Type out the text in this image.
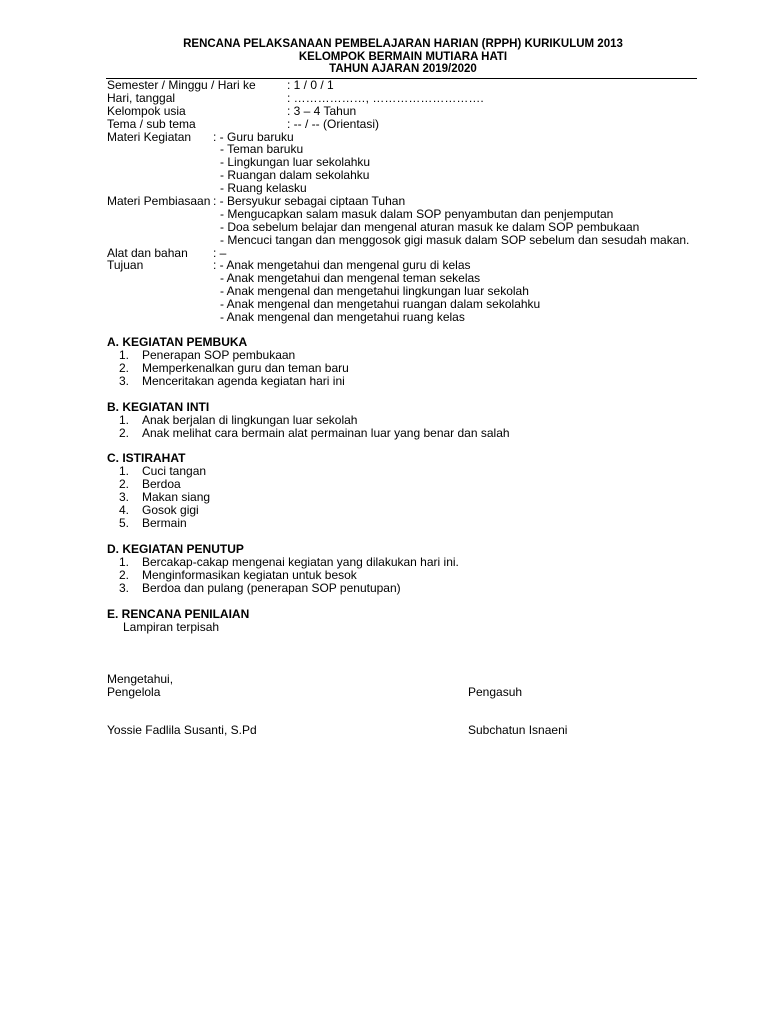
RENCANA PELAKSANAAN PEMBELAJARAN HARIAN (RPPH) KURIKULUM 2013
KELOMPOK BERMAIN MUTIARA HATI
TAHUN AJARAN 2019/2020
Semester / Minggu / Hari ke	: 1 / 0 / 1
Hari, tanggal	: ………………, ……………………….
Kelompok usia	: 3 – 4 Tahun
Tema / sub tema	: -- / -- (Orientasi)
Materi Kegiatan : - Guru baruku
- Teman baruku
- Lingkungan luar sekolahku
- Ruangan dalam sekolahku
- Ruang kelasku
Materi Pembiasaan : - Bersyukur sebagai ciptaan Tuhan
- Mengucapkan salam masuk dalam SOP penyambutan dan penjemputan
- Doa sebelum belajar dan mengenal aturan masuk ke dalam SOP pembukaan
- Mencuci tangan dan menggosok gigi masuk dalam SOP sebelum dan sesudah makan.
Alat dan bahan : –
Tujuan	: - Anak mengetahui dan mengenal guru di kelas
- Anak mengetahui dan mengenal teman sekelas
- Anak mengenal dan mengetahui lingkungan luar sekolah
- Anak mengenal dan mengetahui ruangan dalam sekolahku
- Anak mengenal dan mengetahui ruang kelas
A. KEGIATAN PEMBUKA
1. Penerapan SOP pembukaan
2. Memperkenalkan guru dan teman baru
3. Menceritakan agenda kegiatan hari ini
B. KEGIATAN INTI
1. Anak berjalan di lingkungan luar sekolah
2. Anak melihat cara bermain alat permainan luar yang benar dan salah
C. ISTIRAHAT
1. Cuci tangan
2. Berdoa
3. Makan siang
4. Gosok gigi
5. Bermain
D. KEGIATAN PENUTUP
1. Bercakap-cakap mengenai kegiatan yang dilakukan hari ini.
2. Menginformasikan kegiatan untuk besok
3. Berdoa dan pulang (penerapan SOP penutupan)
E. RENCANA PENILAIAN
Lampiran terpisah
Mengetahui,
Pengelola	Pengasuh
Yossie Fadlila Susanti, S.Pd	Subchatun Isnaeni
